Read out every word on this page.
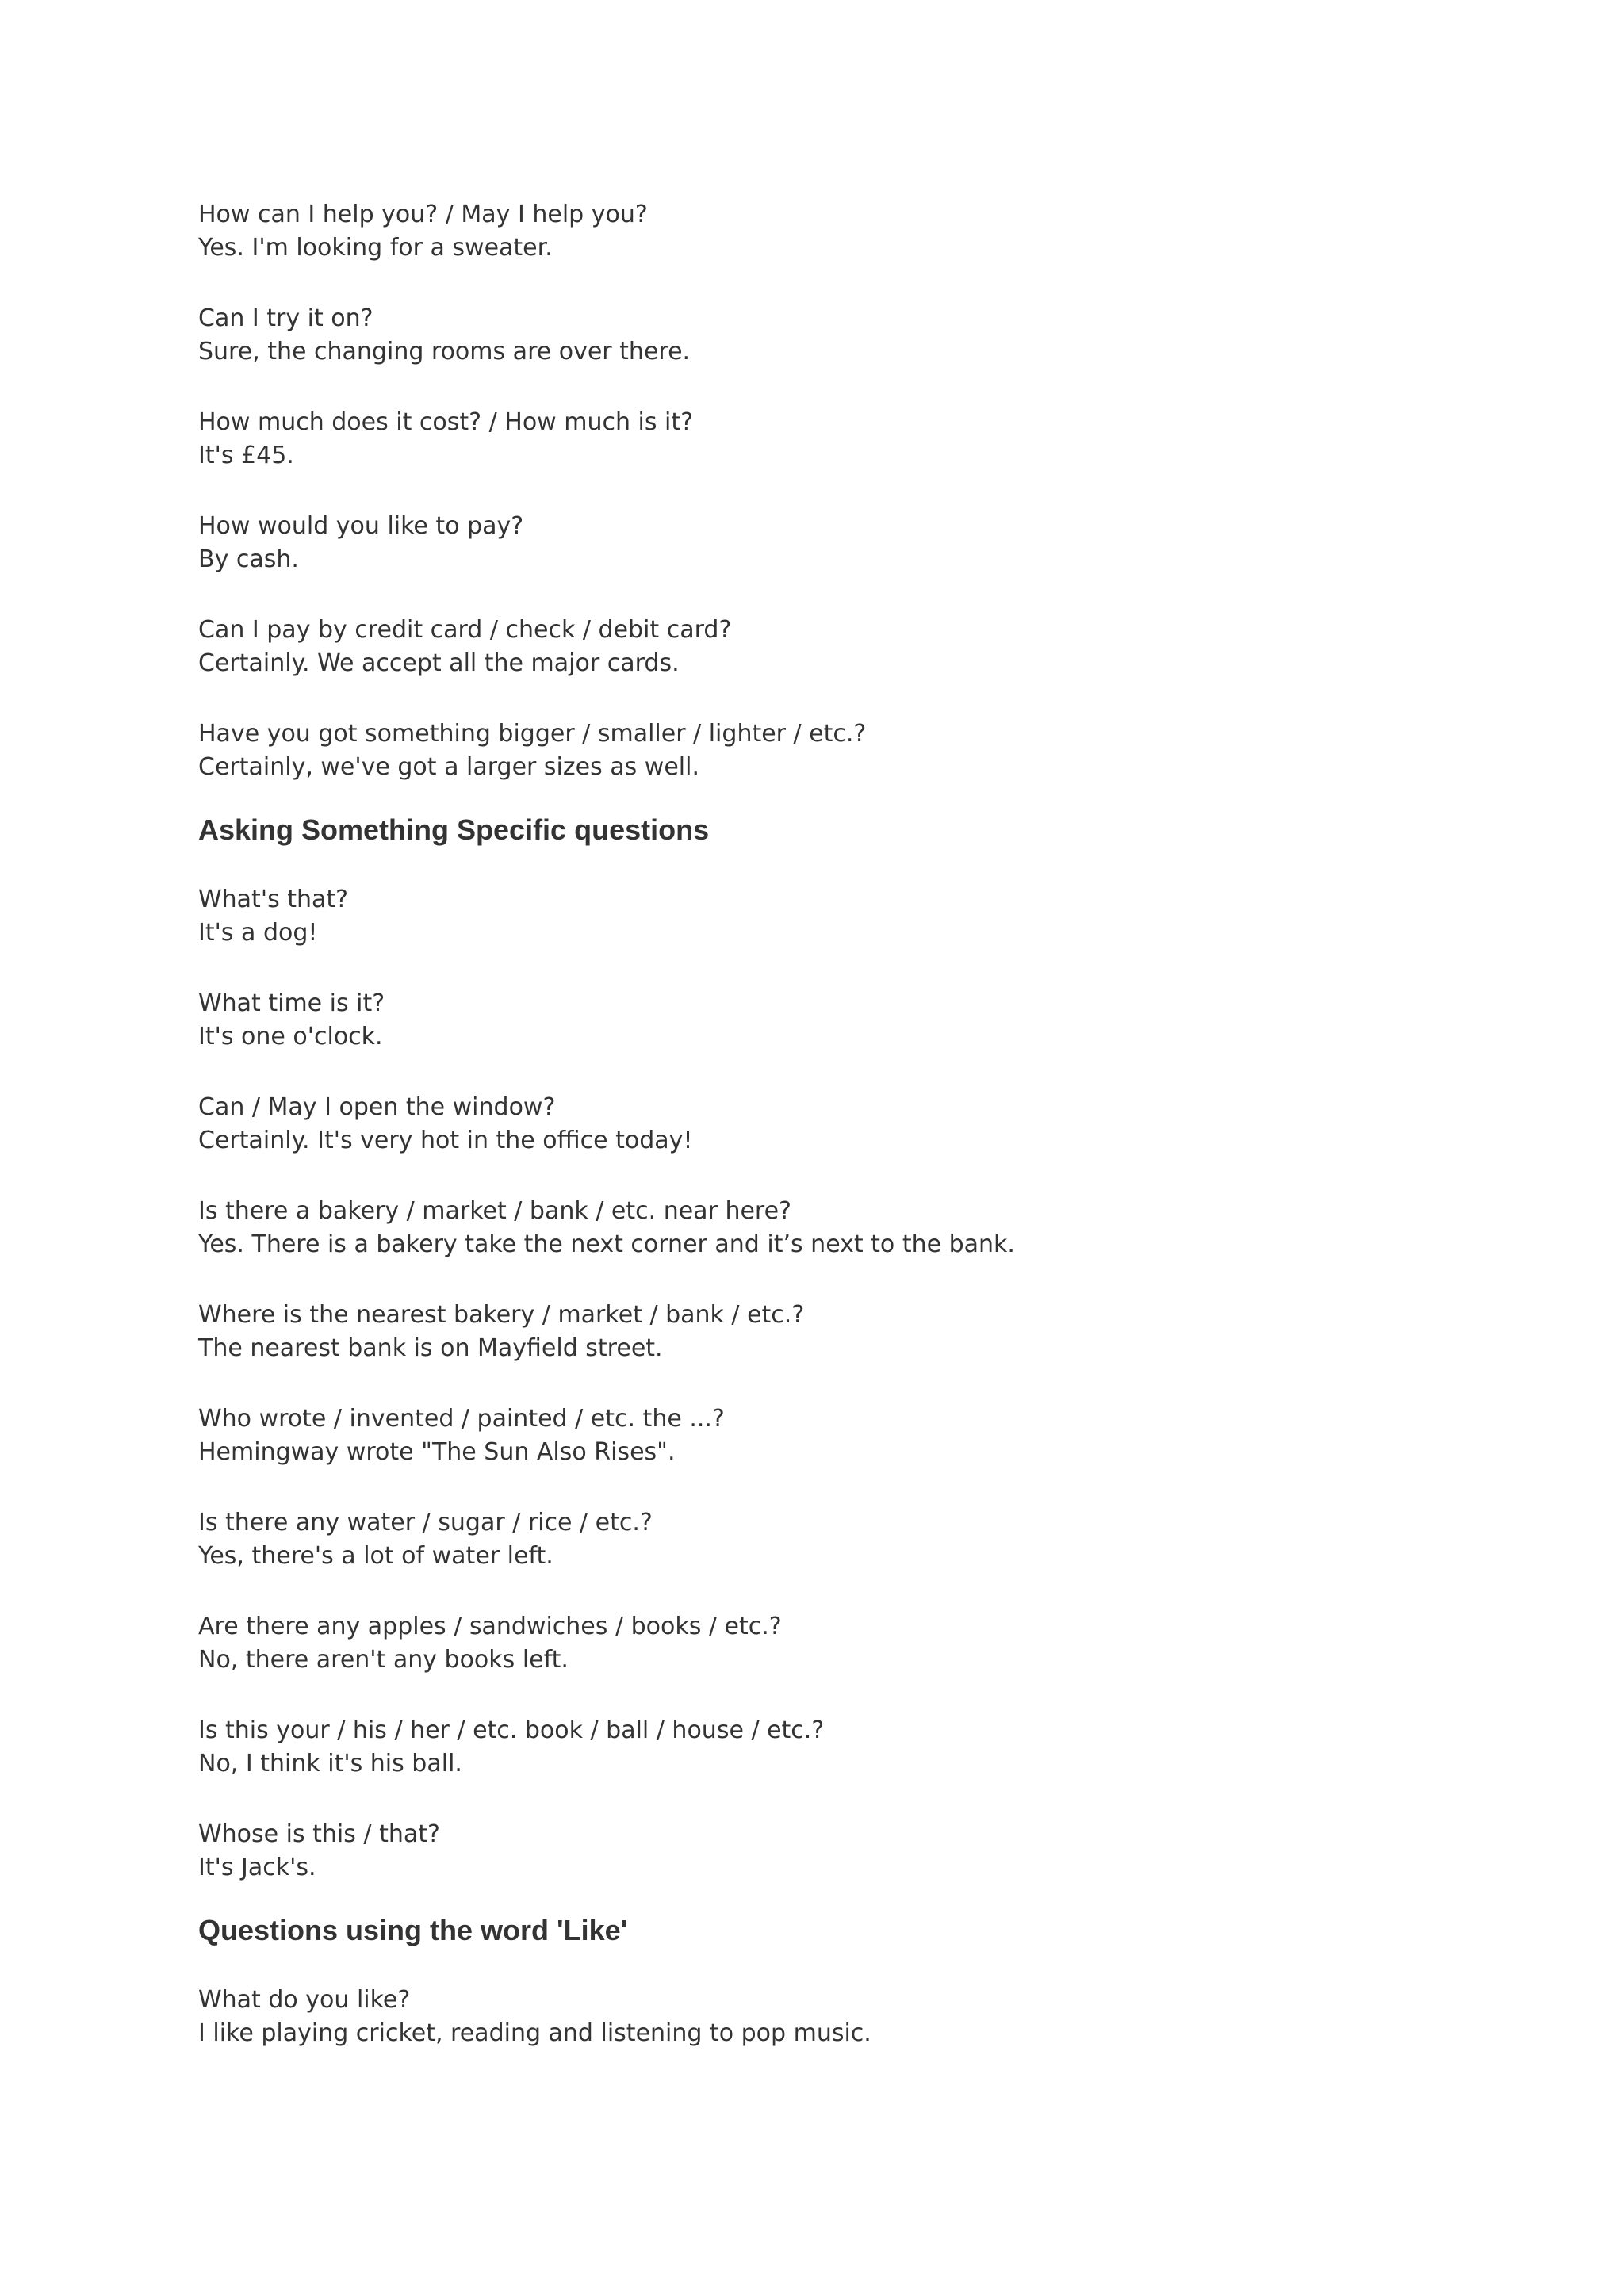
How can I help you? / May I help you?
Yes. I'm looking for a sweater.
Can I try it on?
Sure, the changing rooms are over there.
How much does it cost? / How much is it?
It's £45.
How would you like to pay?
By cash.
Can I pay by credit card / check / debit card?
Certainly. We accept all the major cards.
Have you got something bigger / smaller / lighter / etc.?
Certainly, we've got a larger sizes as well.
Asking Something Specific questions
What's that?
It's a dog!
What time is it?
It's one o'clock.
Can / May I open the window?
Certainly. It's very hot in the office today!
Is there a bakery / market / bank / etc. near here?
Yes. There is a bakery take the next corner and it’s next to the bank.
Where is the nearest bakery / market / bank / etc.?
The nearest bank is on Mayfield street.
Who wrote / invented / painted / etc. the ...?
Hemingway wrote "The Sun Also Rises".
Is there any water / sugar / rice / etc.?
Yes, there's a lot of water left.
Are there any apples / sandwiches / books / etc.?
No, there aren't any books left.
Is this your / his / her / etc. book / ball / house / etc.?
No, I think it's his ball.
Whose is this / that?
It's Jack's.
Questions using the word 'Like'
What do you like?
I like playing cricket, reading and listening to pop music.
